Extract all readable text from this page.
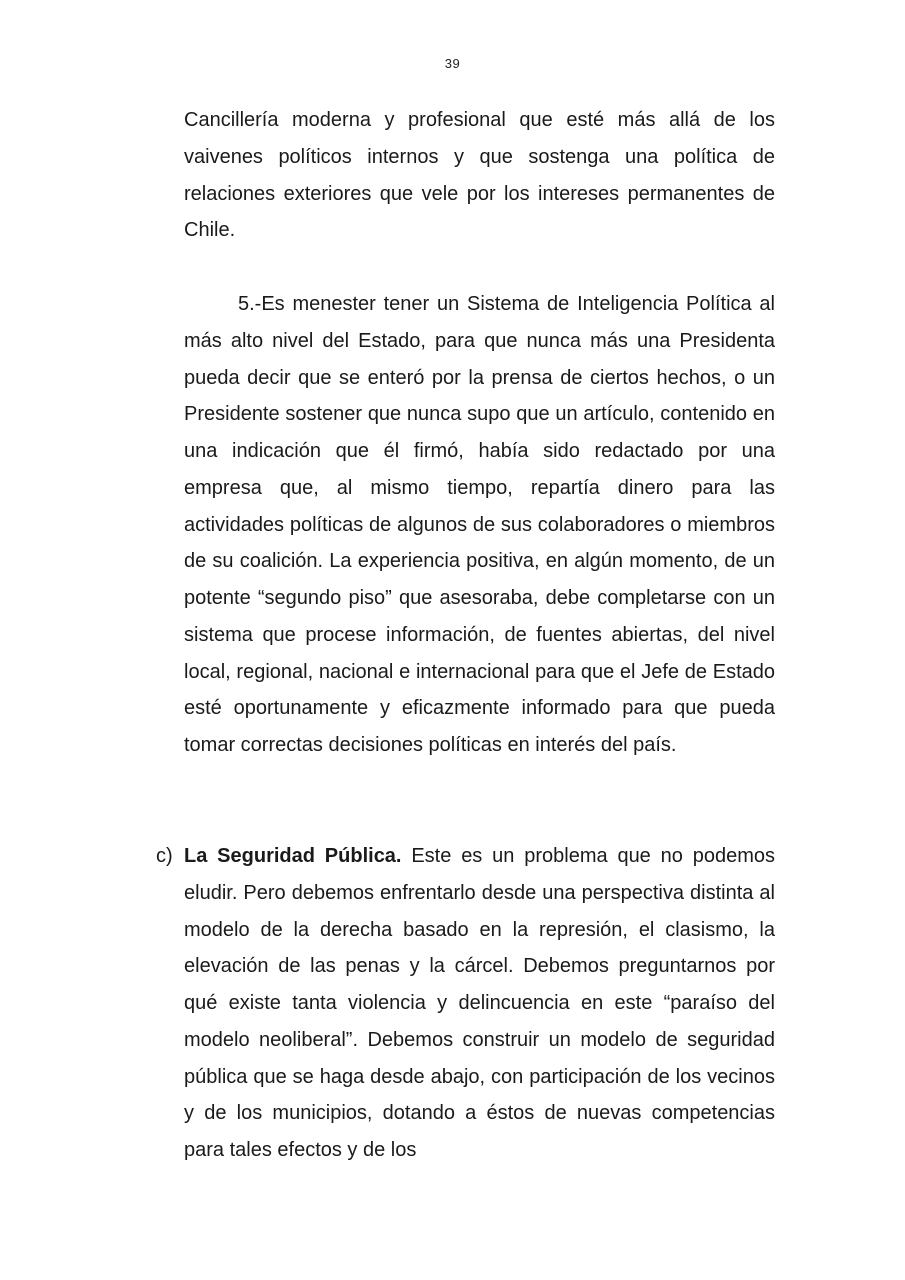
39

Cancillería moderna y profesional que esté más allá de los vaivenes políticos internos y que sostenga una política de relaciones exteriores que vele por los intereses permanentes de Chile.

5.-Es menester tener un Sistema de Inteligencia Política al más alto nivel del Estado, para que nunca más una Presidenta pueda decir que se enteró por la prensa de ciertos hechos, o un Presidente sostener que nunca supo que un artículo, contenido en una indicación que él firmó, había sido redactado por una empresa que, al mismo tiempo, repartía dinero para las actividades políticas de algunos de sus colaboradores o miembros de su coalición. La experiencia positiva, en algún momento, de un potente “segundo piso” que asesoraba, debe completarse con un sistema que procese información, de fuentes abiertas, del nivel local, regional, nacional e internacional para que el Jefe de Estado esté oportunamente y eficazmente informado para que pueda tomar correctas decisiones políticas en interés del país.

c) La Seguridad Pública. Este es un problema que no podemos eludir. Pero debemos enfrentarlo desde una perspectiva distinta al modelo de la derecha basado en la represión, el clasismo, la elevación de las penas y la cárcel. Debemos preguntarnos por qué existe tanta violencia y delincuencia en este “paraíso del modelo neoliberal”. Debemos construir un modelo de seguridad pública que se haga desde abajo, con participación de los vecinos y de los municipios, dotando a éstos de nuevas competencias para tales efectos y de los
